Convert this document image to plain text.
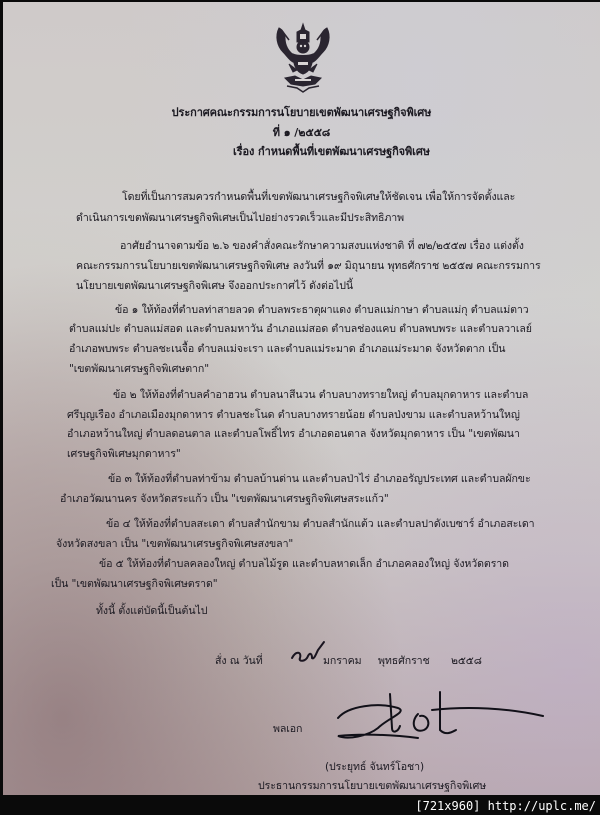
ประกาศคณะกรรมการนโยบายเขตพัฒนาเศรษฐกิจพิเศษ
ที่ ๑ /๒๕๕๘
เรื่อง กำหนดพื้นที่เขตพัฒนาเศรษฐกิจพิเศษ
โดยที่เป็นการสมควรกำหนดพื้นที่เขตพัฒนาเศรษฐกิจพิเศษให้ชัดเจน เพื่อให้การจัดตั้งและ
ดำเนินการเขตพัฒนาเศรษฐกิจพิเศษเป็นไปอย่างรวดเร็วและมีประสิทธิภาพ
อาศัยอำนาจตามข้อ ๒.๖ ของคำสั่งคณะรักษาความสงบแห่งชาติ ที่ ๗๒/๒๕๕๗ เรื่อง แต่งตั้ง
คณะกรรมการนโยบายเขตพัฒนาเศรษฐกิจพิเศษ ลงวันที่ ๑๙ มิถุนายน พุทธศักราช ๒๕๕๗ คณะกรรมการ
นโยบายเขตพัฒนาเศรษฐกิจพิเศษ จึงออกประกาศไว้ ดังต่อไปนี้
ข้อ ๑ ให้ท้องที่ตำบลท่าสายลวด ตำบลพระธาตุผาแดง ตำบลแม่กาษา ตำบลแม่กุ ตำบลแม่ตาว
ตำบลแม่ปะ ตำบลแม่สอด และตำบลมหาวัน อำเภอแม่สอด ตำบลช่องแคบ ตำบลพบพระ และตำบลวาเลย์
อำเภอพบพระ ตำบลชะเนจื้อ ตำบลแม่จะเรา และตำบลแม่ระมาด อำเภอแม่ระมาด จังหวัดตาก เป็น
"เขตพัฒนาเศรษฐกิจพิเศษตาก"
ข้อ ๒ ให้ท้องที่ตำบลคำอาฮวน ตำบลนาสีนวน ตำบลบางทรายใหญ่ ตำบลมุกดาหาร และตำบล
ศรีบุญเรือง อำเภอเมืองมุกดาหาร ตำบลชะโนด ตำบลบางทรายน้อย ตำบลป่งขาม และตำบลหว้านใหญ่
อำเภอหว้านใหญ่ ตำบลดอนตาล และตำบลโพธิ์ไทร อำเภอดอนตาล จังหวัดมุกดาหาร เป็น "เขตพัฒนา
เศรษฐกิจพิเศษมุกดาหาร"
ข้อ ๓ ให้ท้องที่ตำบลท่าข้าม ตำบลบ้านด่าน และตำบลป่าไร่ อำเภออรัญประเทศ และตำบลผักขะ
อำเภอวัฒนานคร จังหวัดสระแก้ว เป็น "เขตพัฒนาเศรษฐกิจพิเศษสระแก้ว"
ข้อ ๔ ให้ท้องที่ตำบลสะเดา ตำบลสำนักขาม ตำบลสำนักแต้ว และตำบลปาดังเบซาร์ อำเภอสะเดา
จังหวัดสงขลา เป็น "เขตพัฒนาเศรษฐกิจพิเศษสงขลา"
ข้อ ๕ ให้ท้องที่ตำบลคลองใหญ่ ตำบลไม้รูด และตำบลหาดเล็ก อำเภอคลองใหญ่ จังหวัดตราด
เป็น "เขตพัฒนาเศรษฐกิจพิเศษตราด"
ทั้งนี้ ตั้งแต่บัดนี้เป็นต้นไป
สั่ง ณ วันที่	มกราคม พุทธศักราช ๒๕๕๘
พลเอก
(ประยุทธ์ จันทร์โอชา)
ประธานกรรมการนโยบายเขตพัฒนาเศรษฐกิจพิเศษ
[721x960] http://uplc.me/
